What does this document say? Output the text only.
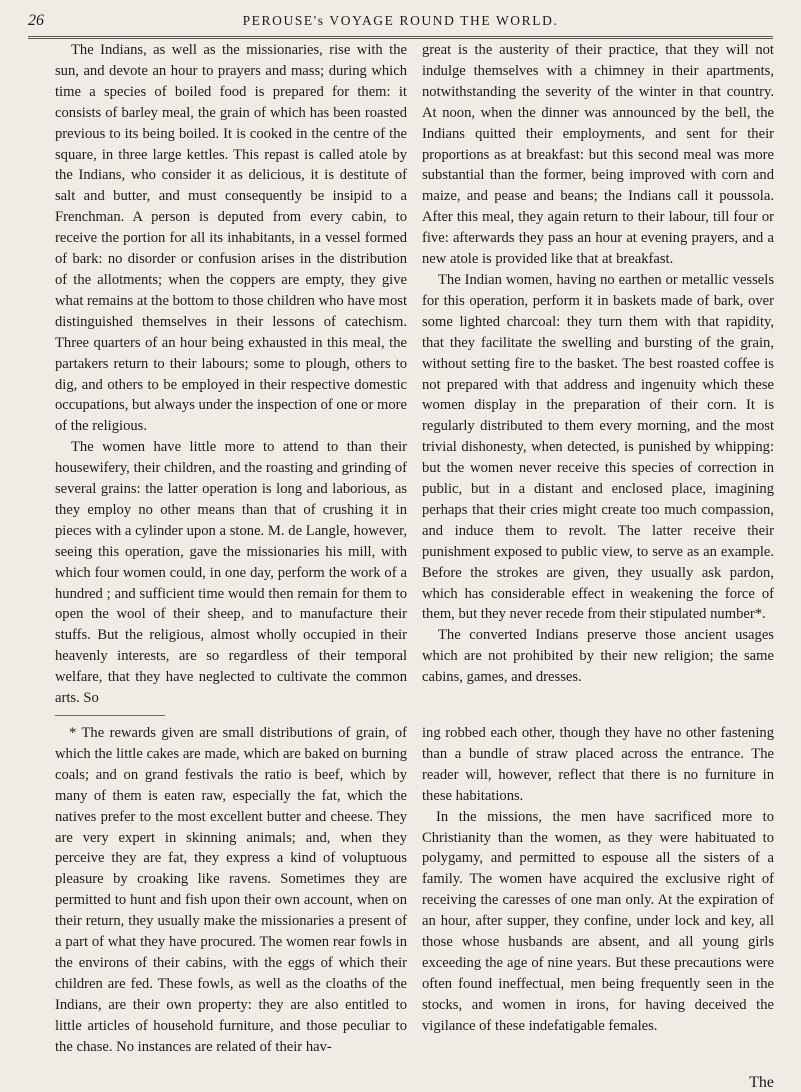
26	PEROUSE's VOYAGE ROUND THE WORLD.

The Indians, as well as the missionaries, rise with the sun, and devote an hour to prayers and mass; during which time a species of boiled food is prepared for them: it consists of barley meal, the grain of which has been roasted previous to its being boiled. It is cooked in the centre of the square, in three large kettles. This repast is called atole by the Indians, who consider it as delicious, it is destitute of salt and butter, and must consequently be insipid to a Frenchman. A person is deputed from every cabin, to receive the portion for all its inhabitants, in a vessel formed of bark: no disorder or confusion arises in the distribution of the allotments; when the coppers are empty, they give what remains at the bottom to those children who have most distinguished themselves in their lessons of catechism. Three quarters of an hour being exhausted in this meal, the partakers return to their labours; some to plough, others to dig, and others to be employed in their respective domestic occupations, but always under the inspection of one or more of the religious.

The women have little more to attend to than their housewifery, their children, and the roasting and grinding of several grains: the latter operation is long and laborious, as they employ no other means than that of crushing it in pieces with a cylinder upon a stone. M. de Langle, however, seeing this operation, gave the missionaries his mill, with which four women could, in one day, perform the work of a hundred ; and sufficient time would then remain for them to open the wool of their sheep, and to manufacture their stuffs. But the religious, almost wholly occupied in their heavenly interests, are so regardless of their temporal welfare, that they have neglected to cultivate the common arts. So

* The rewards given are small distributions of grain, of which the little cakes are made, which are baked on burning coals; and on grand festivals the ratio is beef, which by many of them is eaten raw, especially the fat, which the natives prefer to the most excellent butter and cheese. They are very expert in skinning animals; and, when they perceive they are fat, they express a kind of voluptuous pleasure by croaking like ravens. Sometimes they are permitted to hunt and fish upon their own account, when on their return, they usually make the missionaries a present of a part of what they have procured. The women rear fowls in the environs of their cabins, with the eggs of which their children are fed. These fowls, as well as the cloaths of the Indians, are their own property: they are also entitled to little articles of household furniture, and those peculiar to the chase. No instances are related of their hav-

great is the austerity of their practice, that they will not indulge themselves with a chimney in their apartments, notwithstanding the severity of the winter in that country. At noon, when the dinner was announced by the bell, the Indians quitted their employments, and sent for their proportions as at breakfast: but this second meal was more substantial than the former, being improved with corn and maize, and pease and beans; the Indians call it poussola. After this meal, they again return to their labour, till four or five: afterwards they pass an hour at evening prayers, and a new atole is provided like that at breakfast.

The Indian women, having no earthen or metallic vessels for this operation, perform it in baskets made of bark, over some lighted charcoal: they turn them with that rapidity, that they facilitate the swelling and bursting of the grain, without setting fire to the basket. The best roasted coffee is not prepared with that address and ingenuity which these women display in the preparation of their corn. It is regularly distributed to them every morning, and the most trivial dishonesty, when detected, is punished by whipping: but the women never receive this species of correction in public, but in a distant and enclosed place, imagining perhaps that their cries might create too much compassion, and induce them to revolt. The latter receive their punishment exposed to public view, to serve as an example. Before the strokes are given, they usually ask pardon, which has considerable effect in weakening the force of them, but they never recede from their stipulated number*.

The converted Indians preserve those ancient usages which are not prohibited by their new religion; the same cabins, games, and dresses.

ing robbed each other, though they have no other fastening than a bundle of straw placed across the entrance. The reader will, however, reflect that there is no furniture in these habitations.

In the missions, the men have sacrificed more to Christianity than the women, as they were habituated to polygamy, and permitted to espouse all the sisters of a family. The women have acquired the exclusive right of receiving the caresses of one man only. At the expiration of an hour, after supper, they confine, under lock and key, all those whose husbands are absent, and all young girls exceeding the age of nine years. But these precautions were often found ineffectual, men being frequently seen in the stocks, and women in irons, for having deceived the vigilance of these indefatigable females.

The
